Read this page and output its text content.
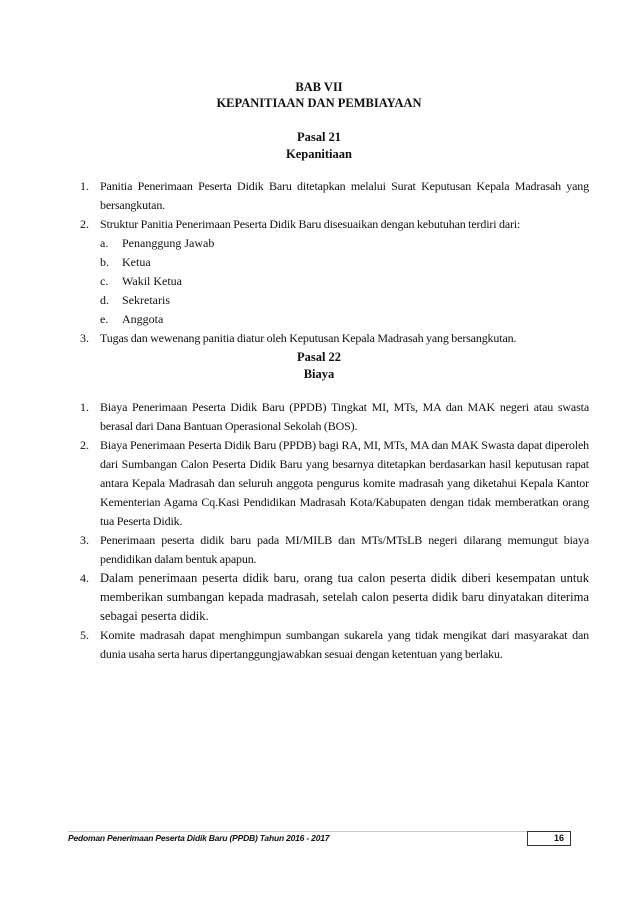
BAB VII
KEPANITIAAN DAN PEMBIAYAAN
Pasal 21
Kepanitiaan
1. Panitia Penerimaan Peserta Didik Baru ditetapkan melalui Surat Keputusan Kepala Madrasah yang bersangkutan.
2. Struktur Panitia Penerimaan Peserta Didik Baru disesuaikan dengan kebutuhan terdiri dari:
a. Penanggung Jawab
b. Ketua
c. Wakil Ketua
d. Sekretaris
e. Anggota
3. Tugas dan wewenang panitia diatur oleh Keputusan Kepala Madrasah yang bersangkutan.
Pasal 22
Biaya
1. Biaya Penerimaan Peserta Didik Baru (PPDB) Tingkat MI, MTs, MA dan MAK negeri atau swasta berasal dari Dana Bantuan Operasional Sekolah (BOS).
2. Biaya Penerimaan Peserta Didik Baru (PPDB) bagi RA, MI, MTs, MA dan MAK Swasta dapat diperoleh dari Sumbangan Calon Peserta Didik Baru yang besarnya ditetapkan berdasarkan hasil keputusan rapat antara Kepala Madrasah dan seluruh anggota pengurus komite madrasah yang diketahui Kepala Kantor Kementerian Agama Cq.Kasi Pendidikan Madrasah Kota/Kabupaten dengan tidak memberatkan orang tua Peserta Didik.
3. Penerimaan peserta didik baru pada MI/MILB dan MTs/MTsLB negeri dilarang memungut biaya pendidikan dalam bentuk apapun.
4. Dalam penerimaan peserta didik baru, orang tua calon peserta didik diberi kesempatan untuk memberikan sumbangan kepada madrasah, setelah calon peserta didik baru dinyatakan diterima sebagai peserta didik.
5. Komite madrasah dapat menghimpun sumbangan sukarela yang tidak mengikat dari masyarakat dan dunia usaha serta harus dipertanggungjawabkan sesuai dengan ketentuan yang berlaku.
Pedoman Penerimaan Peserta Didik Baru (PPDB) Tahun 2016 - 2017	16
